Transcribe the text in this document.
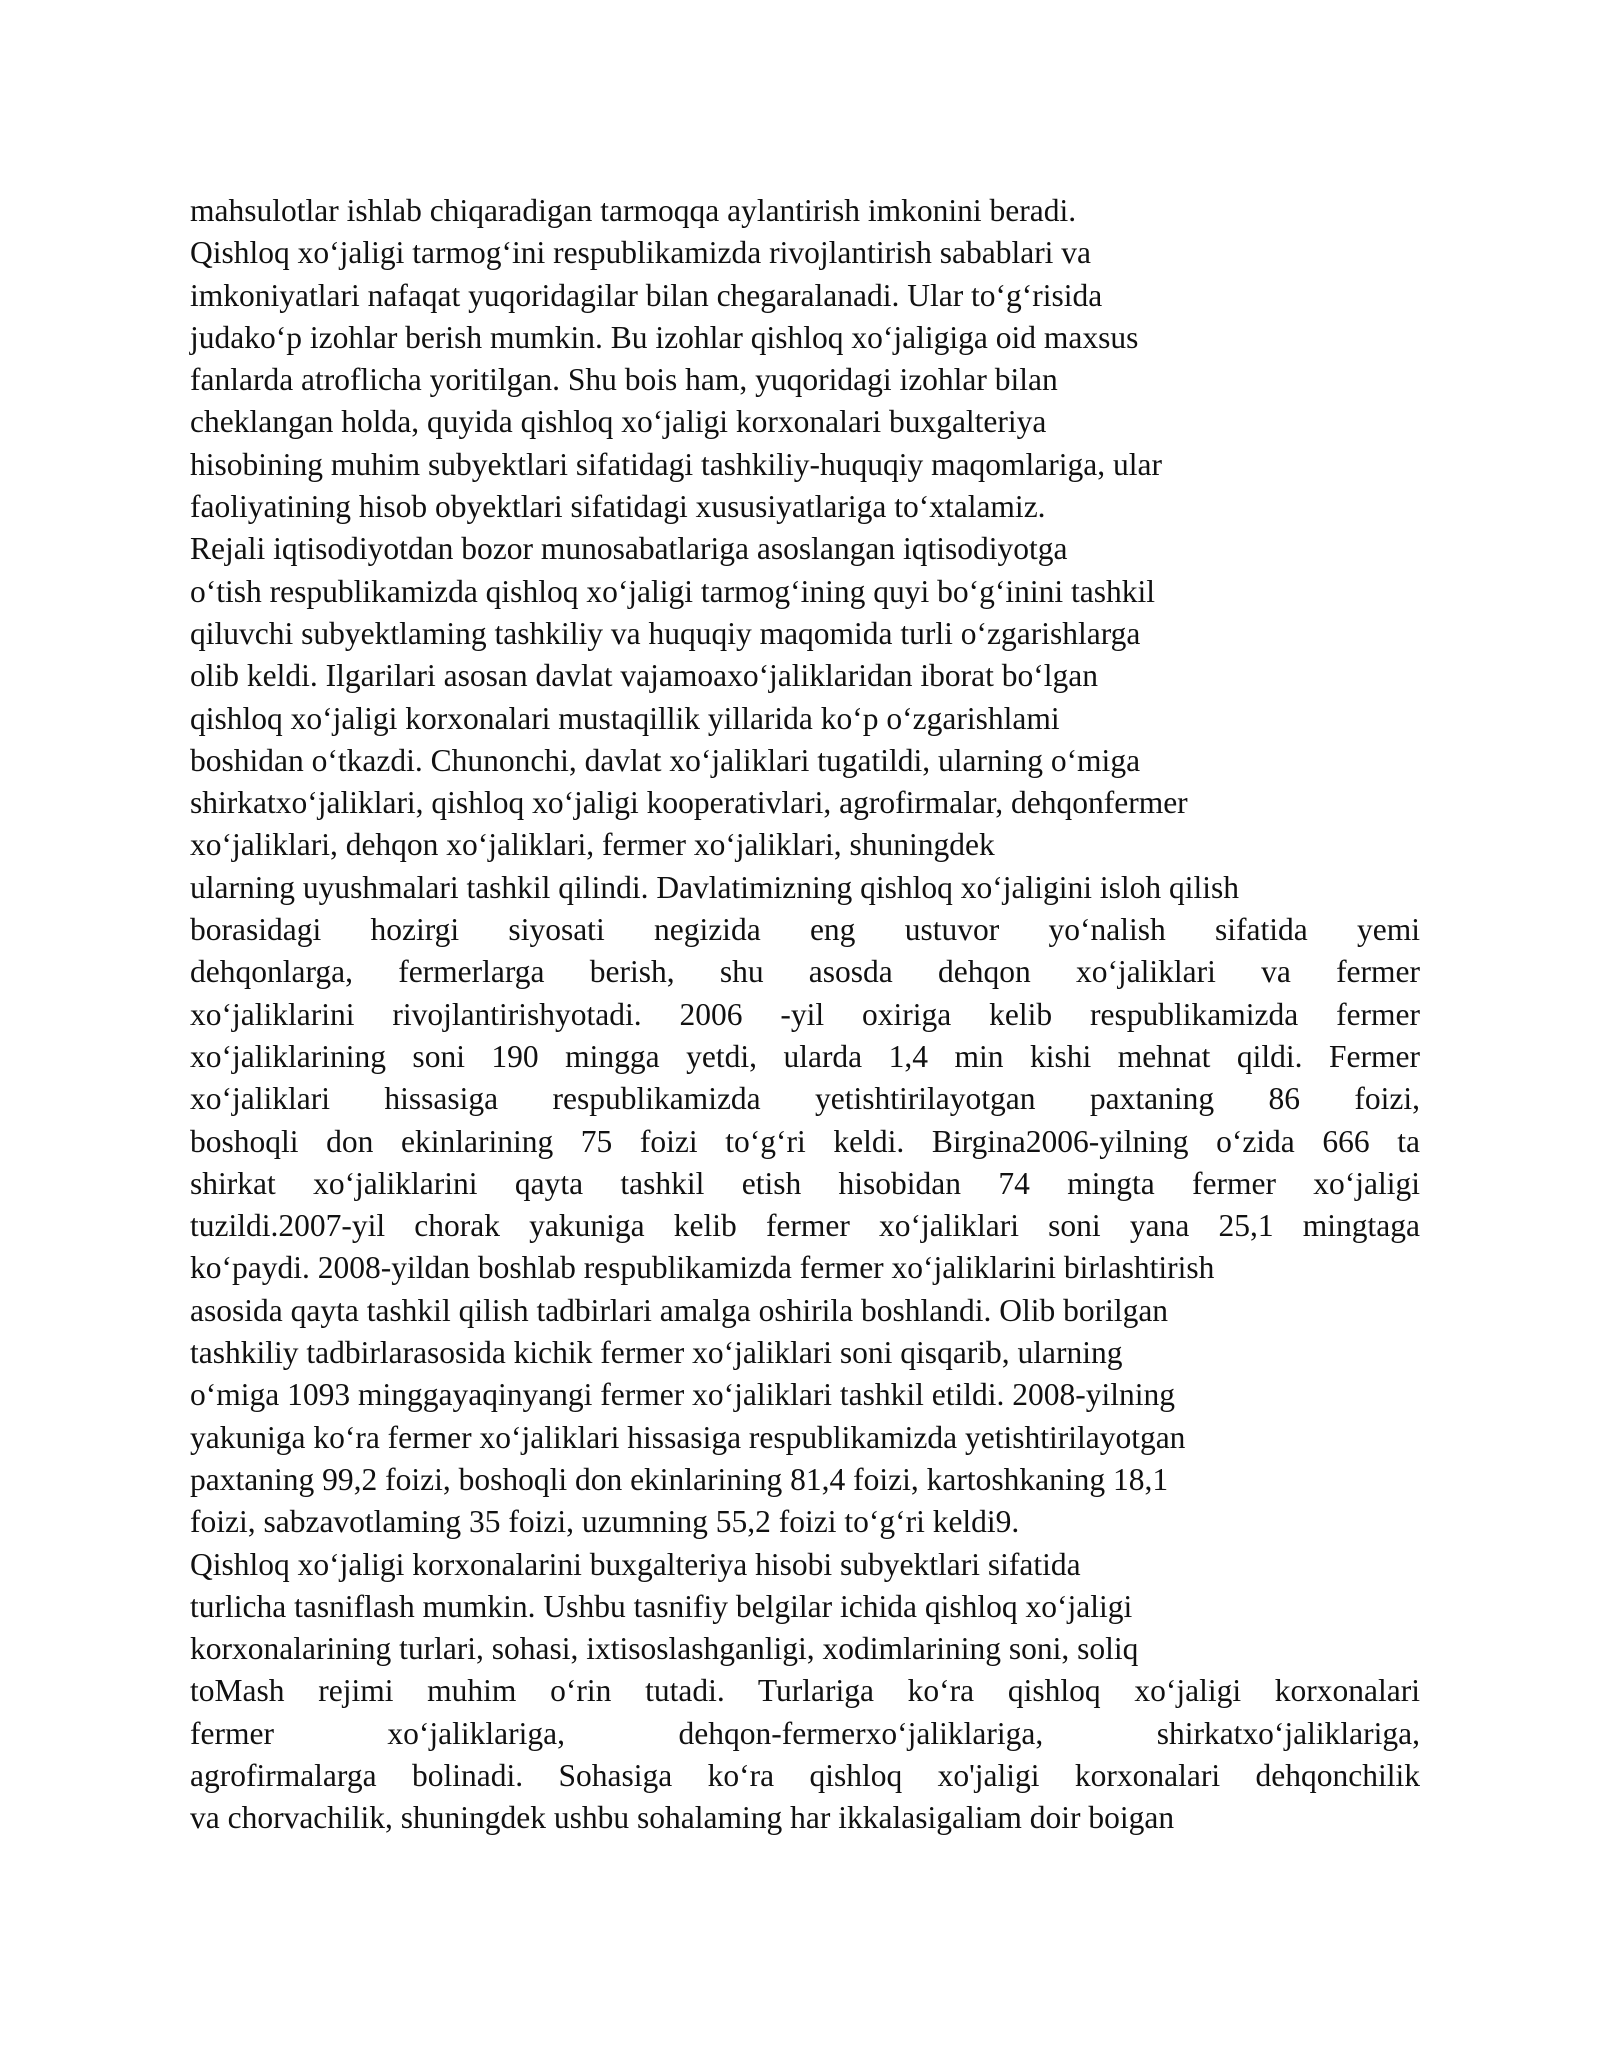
mahsulotlar ishlab chiqaradigan tarmoqqa aylantirish imkonini beradi.
Qishloq xo‘jaligi tarmog‘ini respublikamizda rivojlantirish sabablari va
imkoniyatlari nafaqat yuqoridagilar bilan chegaralanadi. Ular to‘g‘risida
judako‘p izohlar berish mumkin. Bu izohlar qishloq xo‘jaligiga oid maxsus
fanlarda atroflicha yoritilgan. Shu bois ham, yuqoridagi izohlar bilan
cheklangan holda, quyida qishloq xo‘jaligi korxonalari buxgalteriya
hisobining muhim subyektlari sifatidagi tashkiliy-huquqiy maqomlariga, ular
faoliyatining hisob obyektlari sifatidagi xususiyatlariga to‘xtalamiz.
Rejali iqtisodiyotdan bozor munosabatlariga asoslangan iqtisodiyotga
o‘tish respublikamizda qishloq xo‘jaligi tarmog‘ining quyi bo‘g‘inini tashkil
qiluvchi subyektlaming tashkiliy va huquqiy maqomida turli o‘zgarishlarga
olib keldi. Ilgarilari asosan davlat vajamoaxo‘jaliklaridan iborat bo‘lgan
qishloq xo‘jaligi korxonalari mustaqillik yillarida ko‘p o‘zgarishlami
boshidan o‘tkazdi. Chunonchi, davlat xo‘jaliklari tugatildi, ularning o‘miga
shirkatxo‘jaliklari, qishloq xo‘jaligi kooperativlari, agrofirmalar, dehqonfermer
xo‘jaliklari, dehqon xo‘jaliklari, fermer xo‘jaliklari, shuningdek
ularning uyushmalari tashkil qilindi. Davlatimizning qishloq xo‘jaligini isloh qilish
borasidagi hozirgi siyosati negizida eng ustuvor yo‘nalish sifatida yemi
dehqonlarga, fermerlarga berish, shu asosda dehqon xo‘jaliklari va fermer
xo‘jaliklarini rivojlantirishyotadi. 2006 -yil oxiriga kelib respublikamizda fermer
xo‘jaliklarining soni 190 mingga yetdi, ularda 1,4 min kishi mehnat qildi. Fermer
xo‘jaliklari hissasiga respublikamizda yetishtirilayotgan paxtaning 86 foizi,
boshoqli don ekinlarining 75 foizi to‘g‘ri keldi. Birgina2006-yilning o‘zida 666 ta
shirkat xo‘jaliklarini qayta tashkil etish hisobidan 74 mingta fermer xo‘jaligi
tuzildi.2007-yil chorak yakuniga kelib fermer xo‘jaliklari soni yana 25,1 mingtaga
ko‘paydi. 2008-yildan boshlab respublikamizda fermer xo‘jaliklarini birlashtirish
asosida qayta tashkil qilish tadbirlari amalga oshirila boshlandi. Olib borilgan
tashkiliy tadbirlarasosida kichik fermer xo‘jaliklari soni qisqarib, ularning
o‘miga 1093 minggayaqinyangi fermer xo‘jaliklari tashkil etildi. 2008-yilning
yakuniga ko‘ra fermer xo‘jaliklari hissasiga respublikamizda yetishtirilayotgan
paxtaning 99,2 foizi, boshoqli don ekinlarining 81,4 foizi, kartoshkaning 18,1
foizi, sabzavotlaming 35 foizi, uzumning 55,2 foizi to‘g‘ri keldi9.
Qishloq xo‘jaligi korxonalarini buxgalteriya hisobi subyektlari sifatida
turlicha tasniflash mumkin. Ushbu tasnifiy belgilar ichida qishloq xo‘jaligi
korxonalarining turlari, sohasi, ixtisoslashganligi, xodimlarining soni, soliq
toMash rejimi muhim o‘rin tutadi. Turlariga ko‘ra qishloq xo‘jaligi korxonalari
fermer xo‘jaliklariga, dehqon-fermerxo‘jaliklariga, shirkatxo‘jaliklariga,
agrofirmalarga bolinadi. Sohasiga ko‘ra qishloq xo'jaligi korxonalari dehqonchilik
va chorvachilik, shuningdek ushbu sohalaming har ikkalasigaliam doir boigan
